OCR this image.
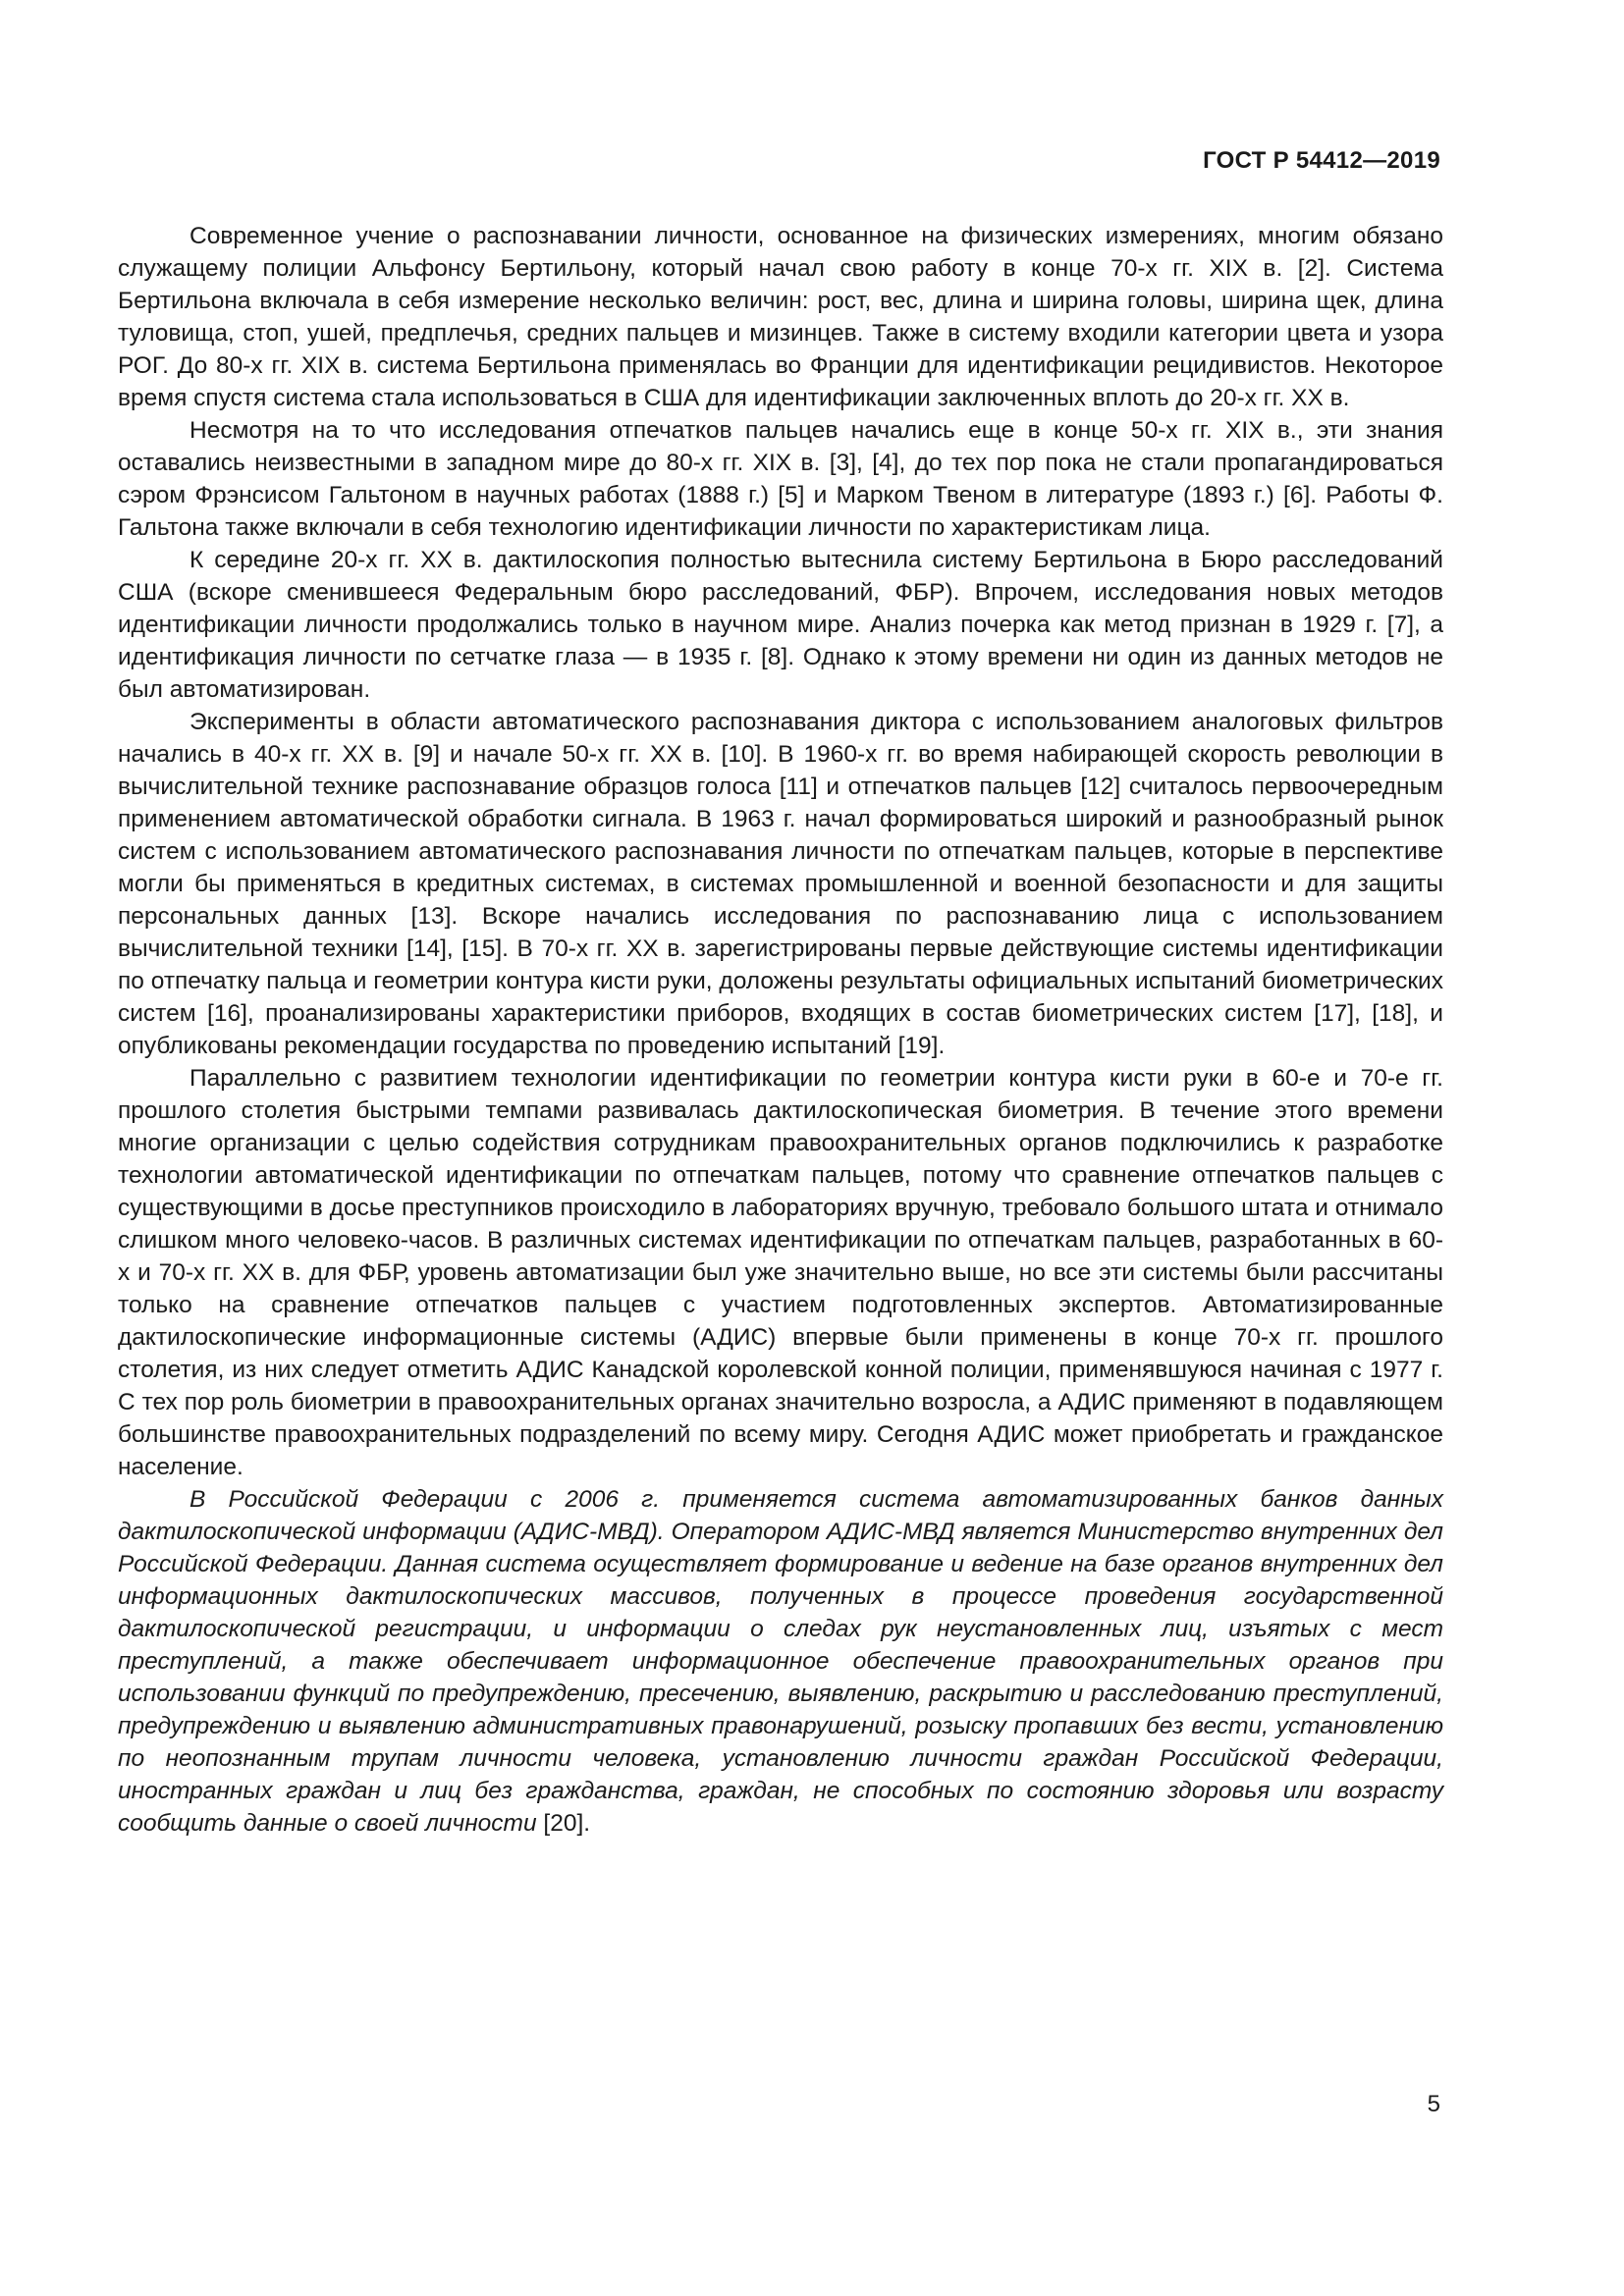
ГОСТ Р 54412—2019

Современное учение о распознавании личности, основанное на физических измерениях, многим обязано служащему полиции Альфонсу Бертильону, который начал свою работу в конце 70-х гг. XIX в. [2]. Система Бертильона включала в себя измерение несколько величин: рост, вес, длина и ширина головы, ширина щек, длина туловища, стоп, ушей, предплечья, средних пальцев и мизинцев. Также в систему входили категории цвета и узора РОГ. До 80-х гг. XIX в. система Бертильона применялась во Франции для идентификации рецидивистов. Некоторое время спустя система стала использоваться в США для идентификации заключенных вплоть до 20-х гг. XX в.

Несмотря на то что исследования отпечатков пальцев начались еще в конце 50-х гг. XIX в., эти знания оставались неизвестными в западном мире до 80-х гг. XIX в. [3], [4], до тех пор пока не стали пропагандироваться сэром Фрэнсисом Гальтоном в научных работах (1888 г.) [5] и Марком Твеном в литературе (1893 г.) [6]. Работы Ф. Гальтона также включали в себя технологию идентификации личности по характеристикам лица.

К середине 20-х гг. XX в. дактилоскопия полностью вытеснила систему Бертильона в Бюро расследований США (вскоре сменившееся Федеральным бюро расследований, ФБР). Впрочем, исследования новых методов идентификации личности продолжались только в научном мире. Анализ почерка как метод признан в 1929 г. [7], а идентификация личности по сетчатке глаза — в 1935 г. [8]. Однако к этому времени ни один из данных методов не был автоматизирован.

Эксперименты в области автоматического распознавания диктора с использованием аналоговых фильтров начались в 40-х гг. XX в. [9] и начале 50-х гг. XX в. [10]. В 1960-х гг. во время набирающей скорость революции в вычислительной технике распознавание образцов голоса [11] и отпечатков пальцев [12] считалось первоочередным применением автоматической обработки сигнала. В 1963 г. начал формироваться широкий и разнообразный рынок систем с использованием автоматического распознавания личности по отпечаткам пальцев, которые в перспективе могли бы применяться в кредитных системах, в системах промышленной и военной безопасности и для защиты персональных данных [13]. Вскоре начались исследования по распознаванию лица с использованием вычислительной техники [14], [15]. В 70-х гг. XX в. зарегистрированы первые действующие системы идентификации по отпечатку пальца и геометрии контура кисти руки, доложены результаты официальных испытаний биометрических систем [16], проанализированы характеристики приборов, входящих в состав биометрических систем [17], [18], и опубликованы рекомендации государства по проведению испытаний [19].

Параллельно с развитием технологии идентификации по геометрии контура кисти руки в 60-е и 70-е гг. прошлого столетия быстрыми темпами развивалась дактилоскопическая биометрия. В течение этого времени многие организации с целью содействия сотрудникам правоохранительных органов подключились к разработке технологии автоматической идентификации по отпечаткам пальцев, потому что сравнение отпечатков пальцев с существующими в досье преступников происходило в лабораториях вручную, требовало большого штата и отнимало слишком много человеко-часов. В различных системах идентификации по отпечаткам пальцев, разработанных в 60-х и 70-х гг. XX в. для ФБР, уровень автоматизации был уже значительно выше, но все эти системы были рассчитаны только на сравнение отпечатков пальцев с участием подготовленных экспертов. Автоматизированные дактилоскопические информационные системы (АДИС) впервые были применены в конце 70-х гг. прошлого столетия, из них следует отметить АДИС Канадской королевской конной полиции, применявшуюся начиная с 1977 г. С тех пор роль биометрии в правоохранительных органах значительно возросла, а АДИС применяют в подавляющем большинстве правоохранительных подразделений по всему миру. Сегодня АДИС может приобретать и гражданское население.

В Российской Федерации с 2006 г. применяется система автоматизированных банков данных дактилоскопической информации (АДИС-МВД). Оператором АДИС-МВД является Министерство внутренних дел Российской Федерации. Данная система осуществляет формирование и ведение на базе органов внутренних дел информационных дактилоскопических массивов, полученных в процессе проведения государственной дактилоскопической регистрации, и информации о следах рук неустановленных лиц, изъятых с мест преступлений, а также обеспечивает информационное обеспечение правоохранительных органов при использовании функций по предупреждению, пресечению, выявлению, раскрытию и расследованию преступлений, предупреждению и выявлению административных правонарушений, розыску пропавших без вести, установлению по неопознанным трупам личности человека, установлению личности граждан Российской Федерации, иностранных граждан и лиц без гражданства, граждан, не способных по состоянию здоровья или возрасту сообщить данные о своей личности [20].

5
